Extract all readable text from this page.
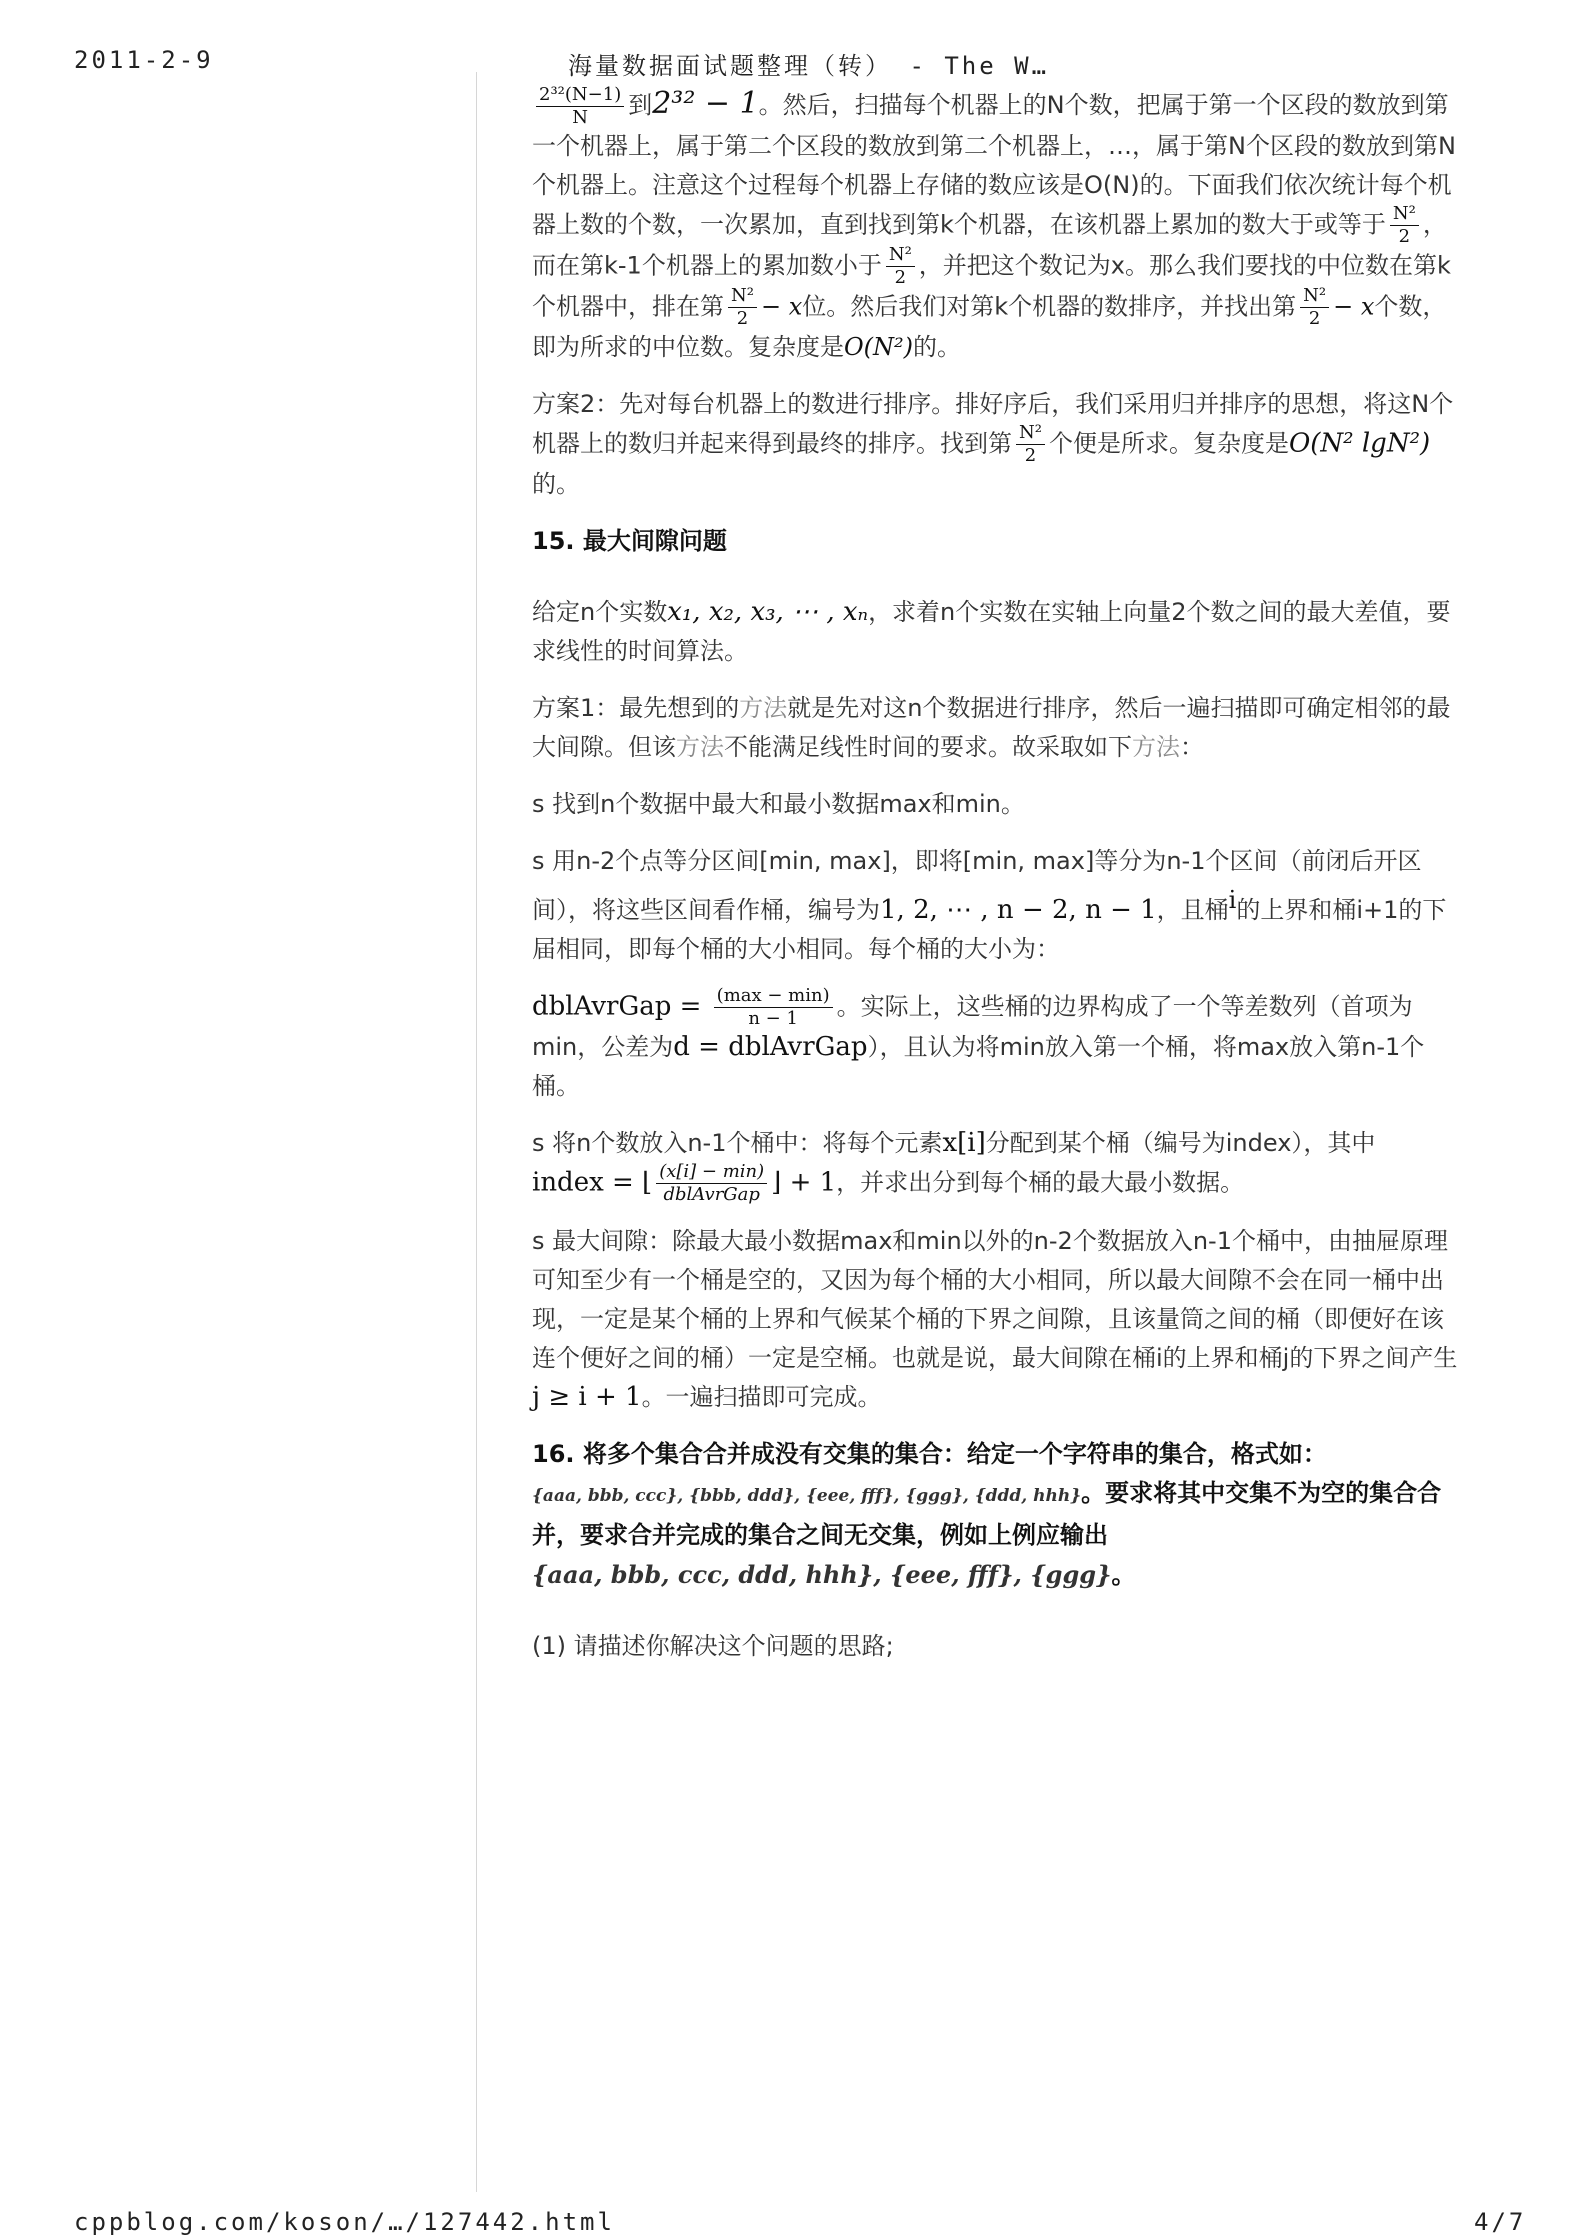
2011-2-9	海量数据面试题整理（转） - The W…

$\frac{\text{2³²(N−1)}}{N}$ 到2³² − 1。然后，扫描每个机器上的N个数，把属于第一个区段的数放到第一个机器上，属于第二个区段的数放到第二个机器上，…，属于第N个区段的数放到第N个机器上。注意这个过程每个机器上存储的数应该是O(N)的。下面我们依次统计每个机器上数的个数，一次累加，直到找到第k个机器，在该机器上累加的数大于或等于 $\frac{\text{N²}}{2}$ ，而在第k-1个机器上的累加数小于 $\frac{\text{N²}}{2}$ ，并把这个数记为x。那么我们要找的中位数在第k个机器中，排在第 $\frac{\text{N²}}{2} - x$位。然后我们对第k个机器的数排序，并找出第 $\frac{\text{N²}}{2} - x$个数，即为所求的中位数。复杂度是O(N²)的。

方案2：先对每台机器上的数进行排序。排好序后，我们采用归并排序的思想，将这N个机器上的数归并起来得到最终的排序。找到第 $\frac{\text{N²}}{2}$ 个便是所求。复杂度是O(N² lgN²)的。

15. 最大间隙问题

给定n个实数x₁, x₂, x₃, ⋯ , xₙ，求着n个实数在实轴上向量2个数之间的最大差值，要求线性的时间算法。

方案1：最先想到的方法就是先对这n个数据进行排序，然后一遍扫描即可确定相邻的最大间隙。但该方法不能满足线性时间的要求。故采取如下方法：

s 找到n个数据中最大和最小数据max和min。

s 用n-2个点等分区间[min, max]，即将[min, max]等分为n-1个区间（前闭后开区间），将这些区间看作桶，编号为1, 2, ⋯ , n − 2, n − 1，且桶i的上界和桶i+1的下届相同，即每个桶的大小相同。每个桶的大小为：

dblAvrGap = $\frac{(\max - \min)}{n - 1}$ 。实际上，这些桶的边界构成了一个等差数列（首项为min，公差为d = dblAvrGap），且认为将min放入第一个桶，将max放入第n-1个桶。

s 将n个数放入n-1个桶中：将每个元素x[i]分配到某个桶（编号为index），其中
index = ⌊ $\frac{(x[i] - \min)}{\text{dblAvrGap}}$ ⌋ + 1，并求出分到每个桶的最大最小数据。

s 最大间隙：除最大最小数据max和min以外的n-2个数据放入n-1个桶中，由抽屉原理可知至少有一个桶是空的，又因为每个桶的大小相同，所以最大间隙不会在同一桶中出现，一定是某个桶的上界和气候某个桶的下界之间隙，且该量筒之间的桶（即便好在该连个便好之间的桶）一定是空桶。也就是说，最大间隙在桶i的上界和桶j的下界之间产生j ≥ i + 1。一遍扫描即可完成。

16. 将多个集合合并成没有交集的集合：给定一个字符串的集合，格式如：
{aaa, bbb, ccc}, {bbb, ddd}, {eee, fff}, {ggg}, {ddd, hhh}。要求将其中交集不为空的集合合并，要求合并完成的集合之间无交集，例如上例应输出
{aaa, bbb, ccc, ddd, hhh}, {eee, fff}, {ggg}。

(1) 请描述你解决这个问题的思路;

cppblog.com/koson/…/127442.html	4/7
